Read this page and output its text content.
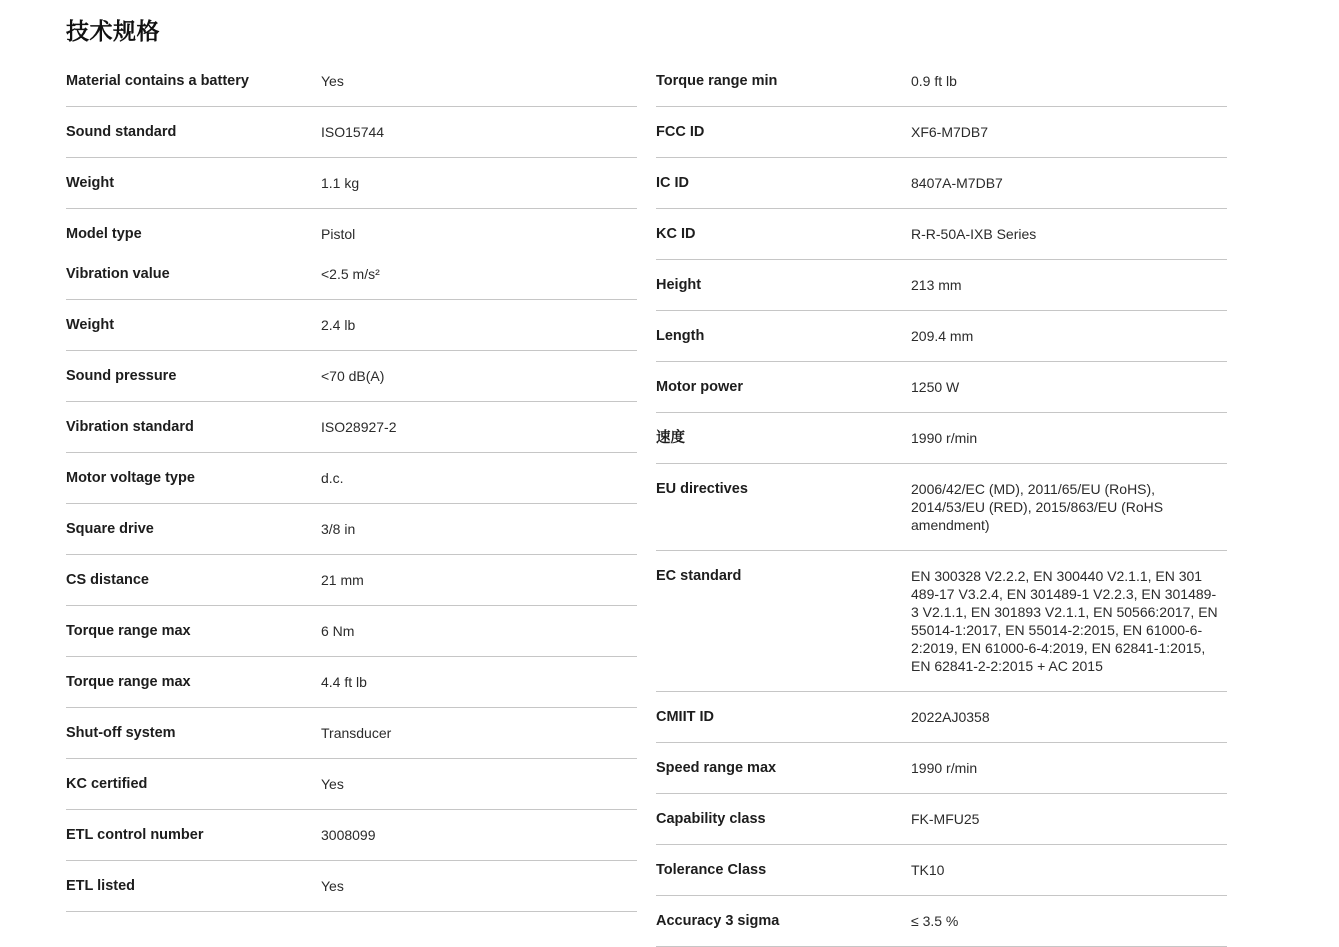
技术规格
Material contains a battery	Yes
Sound standard	ISO15744
Weight	1.1 kg
Model type	Pistol
Vibration value	<2.5 m/s²
Weight	2.4 lb
Sound pressure	<70 dB(A)
Vibration standard	ISO28927-2
Motor voltage type	d.c.
Square drive	3/8 in
CS distance	21 mm
Torque range max	6 Nm
Torque range max	4.4 ft lb
Shut-off system	Transducer
KC certified	Yes
ETL control number	3008099
ETL listed	Yes
Torque range min	0.9 ft lb
FCC ID	XF6-M7DB7
IC ID	8407A-M7DB7
KC ID	R-R-50A-IXB Series
Height	213 mm
Length	209.4 mm
Motor power	1250 W
速度	1990 r/min
EU directives	2006/42/EC (MD), 2011/65/EU (RoHS), 2014/53/EU (RED), 2015/863/EU (RoHS amendment)
EC standard	EN 300328 V2.2.2, EN 300440 V2.1.1, EN 301 489-17 V3.2.4, EN 301489-1 V2.2.3, EN 301489-3 V2.1.1, EN 301893 V2.1.1, EN 50566:2017, EN 55014-1:2017, EN 55014-2:2015, EN 61000-6-2:2019, EN 61000-6-4:2019, EN 62841-1:2015, EN 62841-2-2:2015 + AC 2015
CMIIT ID	2022AJ0358
Speed range max	1990 r/min
Capability class	FK-MFU25
Tolerance Class	TK10
Accuracy 3 sigma	≤ 3.5 %
